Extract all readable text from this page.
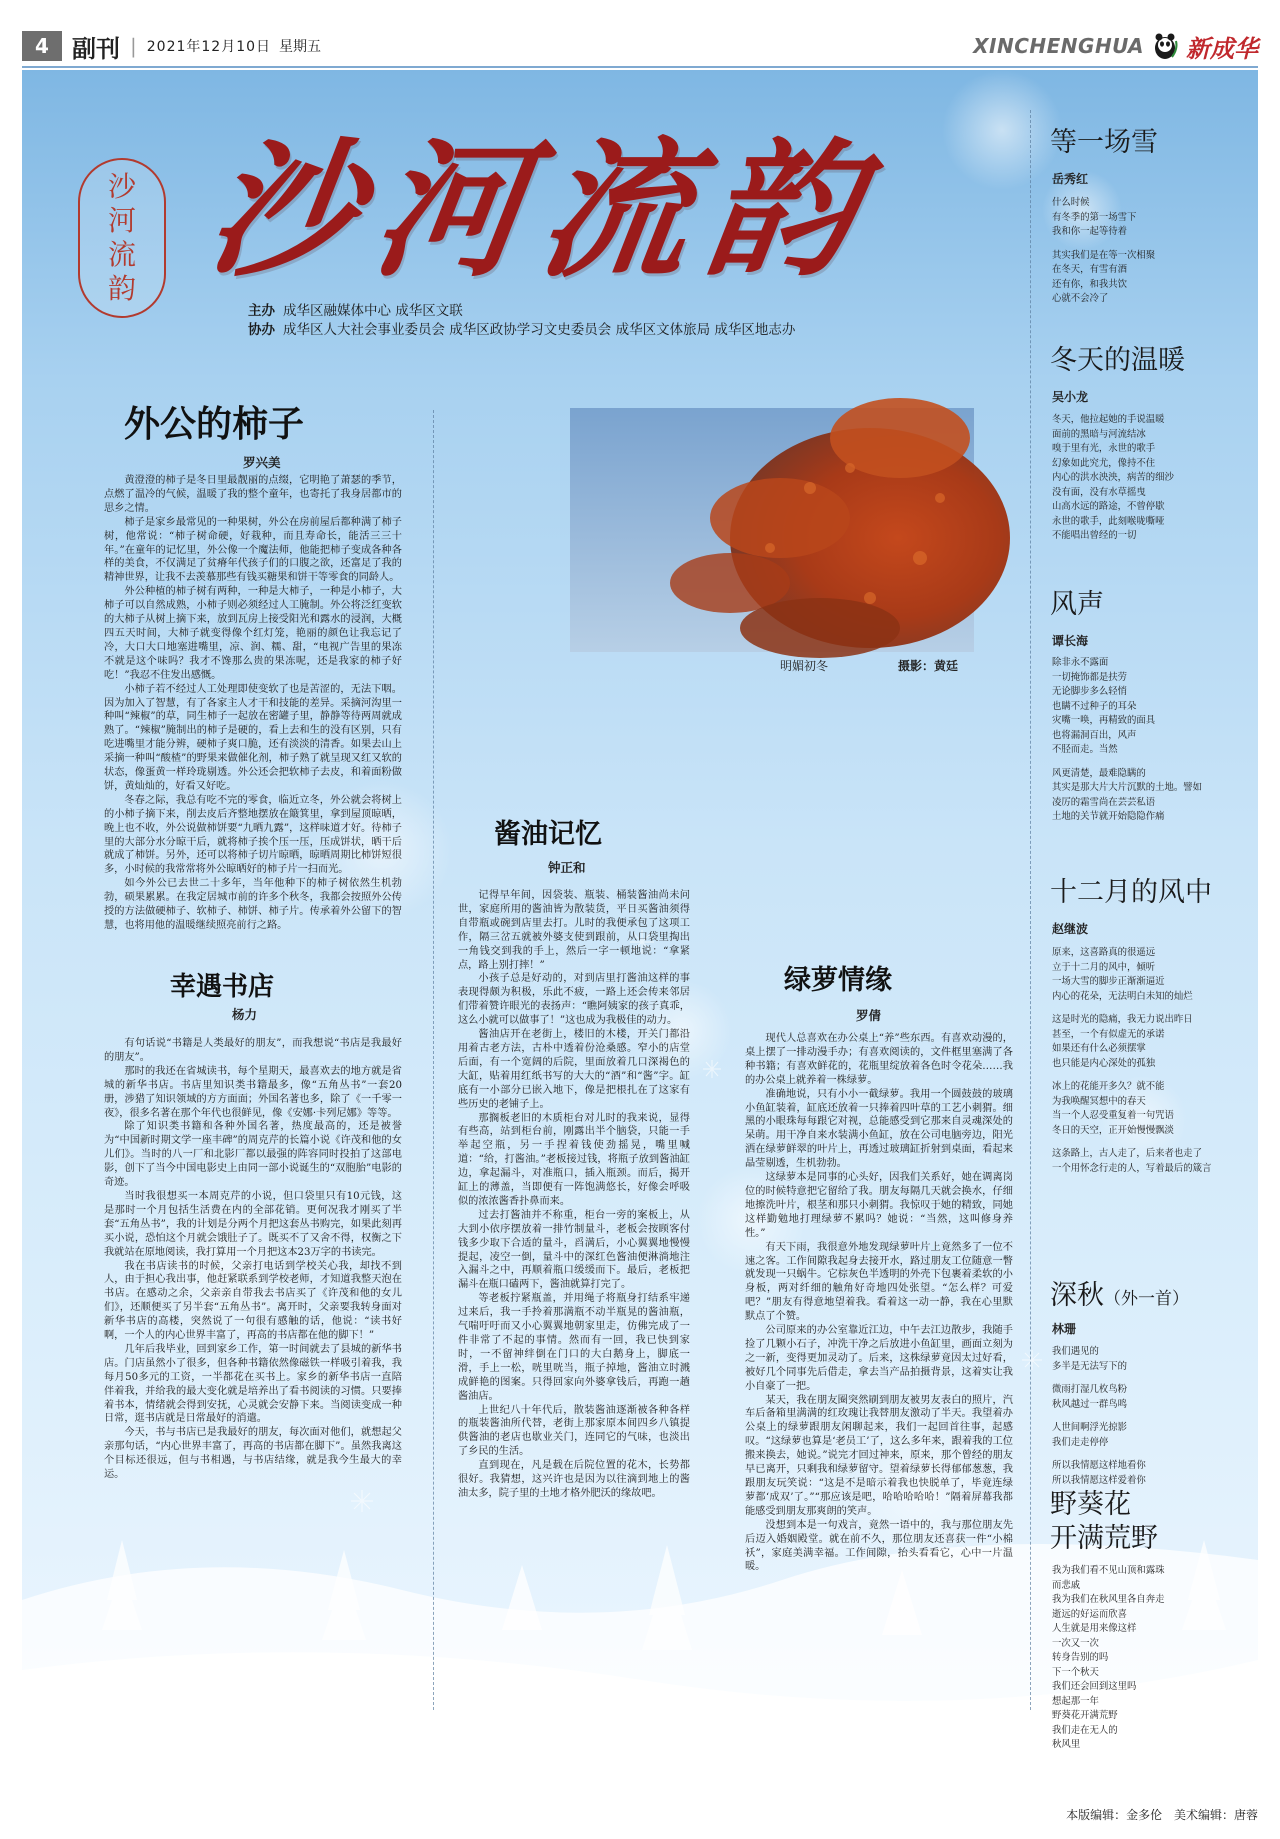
4 副刊 | 2021年12月10日 星期五	XINCHENGHUA 新成华
沙河流韵 沙河流韵
主办 成华区融媒体中心 成华区文联
协办 成华区人大社会事业委员会 成华区政协学习文史委员会 成华区文体旅局 成华区地志办
外公的柿子
罗兴美

黄澄澄的柿子是冬日里最靓丽的点缀，它明艳了萧瑟的季节，点燃了温冷的气候，温暖了我的整个童年，也寄托了我身居都市的思乡之情。

柿子是家乡最常见的一种果树，外公在房前屋后都种满了柿子树，他常说：“柿子树命硬，好栽种，而且寿命长，能活三三十年。”在童年的记忆里，外公像一个魔法师，他能把柿子变成各种各样的美食，不仅满足了贫瘠年代孩子们的口腹之欲，还富足了我的精神世界，让我不去羡慕那些有钱买糖果和饼干等零食的同龄人。

外公种植的柿子树有两种，一种是大柿子，一种是小柿子，大柿子可以自然成熟，小柿子则必须经过人工腌制。外公将泛红变软的大柿子从树上摘下来，放到瓦房上接受阳光和露水的浸润，大概四五天时间，大柿子就变得像个红灯笼，艳丽的颜色让我忘记了冷，大口大口地塞进嘴里，凉、润、糯、甜，“电视广告里的果冻不就是这个味吗？我才不馋那么贵的果冻呢，还是我家的柿子好吃！”我忍不住发出感慨。

小柿子若不经过人工处理即使变软了也是苦涩的，无法下咽。因为加入了智慧，有了各家主人才干和技能的差异。采摘河沟里一种叫“辣椒”的草，同生柿子一起放在密罐子里，静静等待两周就成熟了。“辣椒”腌制出的柿子是硬的，看上去和生的没有区别，只有吃进嘴里才能分辨，硬柿子爽口脆，还有淡淡的清香。如果去山上采摘一种叫“酸楂”的野果来做催化剂，柿子熟了就呈现又红又软的状态，像蛋黄一样玲珑剔透。外公还会把软柿子去皮，和着面粉做饼，黄灿灿的，好看又好吃。

冬春之际，我总有吃不完的零食，临近立冬，外公就会将树上的小柿子摘下来，削去皮后齐整地摆放在簸箕里，拿到屋顶晾晒，晚上也不收，外公说做柿饼要“九晒九露”，这样味道才好。待柿子里的大部分水分晾干后，就将柿子挨个压一压，压成饼状，晒干后就成了柿饼。另外，还可以将柿子切片晾晒，晾晒周期比柿饼短很多，小时候的我常常将外公晾晒好的柿子片一扫而光。

如今外公已去世二十多年，当年他种下的柿子树依然生机勃勃，硕果累累。在我定居城市前的许多个秋冬，我都会按照外公传授的方法做硬柿子、软柿子、柿饼、柿子片。传承着外公留下的智慧，也将用他的温暖继续照亮前行之路。

幸遇书店
杨力

有句话说“书籍是人类最好的朋友”，而我想说“书店是我最好的朋友”。

那时的我还在省城读书，每个星期天，最喜欢去的地方就是省城的新华书店。书店里知识类书籍最多，像“五角丛书”一套20册，涉猎了知识领域的方方面面；外国名著也多，除了《一千零一夜》，很多名著在那个年代也很鲜见，像《安娜·卡列尼娜》等等。

除了知识类书籍和各种外国名著，热度最高的，还是被誉为“中国新时期文学一座丰碑”的周克芹的长篇小说《许茂和他的女儿们》。当时的八一厂和北影厂都以最强的阵容同时投拍了这部电影，创下了当今中国电影史上由同一部小说诞生的“双胞胎”电影的奇迹。

当时我很想买一本周克芹的小说，但口袋里只有10元钱，这是那时一个月包括生活费在内的全部花销。更何况我才刚买了半套“五角丛书”，我的计划是分两个月把这套丛书购完，如果此刻再买小说，恐怕这个月就会饿肚子了。既买不了又舍不得，权衡之下我就站在原地阅读，我打算用一个月把这本23万字的书读完。

我在书店读书的时候，父亲打电话到学校关心我，却找不到人，由于担心我出事，他赶紧联系到学校老师，才知道我整天泡在书店。在感动之余，父亲亲自带我去书店买了《许茂和他的女儿们》，还顺便买了另半套“五角丛书”。离开时，父亲要我转身面对新华书店的高楼，突然说了一句很有感触的话，他说：“读书好啊，一个人的内心世界丰富了，再高的书店都在他的脚下！”

几年后我毕业，回到家乡工作，第一时间就去了县城的新华书店。门店虽然小了很多，但各种书籍依然像磁铁一样吸引着我，我每月50多元的工资，一半都花在买书上。家乡的新华书店一直陪伴着我，并给我的最大变化就是培养出了看书阅读的习惯。只要捧着书本，情绪就会得到安抚，心灵就会安静下来。当阅读变成一种日常，逛书店就是日常最好的消遣。

今天，书与书店已是我最好的朋友，每次面对他们，就想起父亲那句话，“内心世界丰富了，再高的书店都在脚下”。虽然我离这个目标还很远，但与书相遇，与书店结缘，就是我今生最大的幸运。

明媚初冬	摄影：黄廷
酱油记忆
钟正和

记得早年间，因袋装、瓶装、桶装酱油尚未问世，家庭所用的酱油皆为散装货，平日买酱油须得自带瓶或碗到店里去打。儿时的我便承包了这项工作，隔三岔五就被外婆支使到跟前，从口袋里掏出一角钱交到我的手上，然后一字一顿地说：“拿紧点，路上别打摔！”

小孩子总是好动的，对到店里打酱油这样的事表现得颇为积极，乐此不疲，一路上还会传来邻居们带着赞许眼光的表扬声：“瞧阿姨家的孩子真乖，这么小就可以做事了！”这也成为我极佳的动力。

酱油店开在老街上，楼旧的木楼，开关门都沿用着古老方法，古朴中透着份沧桑感。窄小的店堂后面，有一个宽阔的后院，里面放着几口深褐色的大缸，贴着用红纸书写的大大的“酒”和“酱”字。缸底有一小部分已嵌入地下，像是把根扎在了这家有些历史的老铺子上。

那搁板老旧的木质柜台对儿时的我来说，显得有些高，站到柜台前，刚露出半个脑袋，只能一手举起空瓶，另一手捏着钱使劲摇晃，嘴里喊道：“给，打酱油。”老板接过钱，将瓶子放到酱油缸边，拿起漏斗，对准瓶口，插入瓶颈。而后，揭开缸上的薄盖，当即便有一阵饱满悠长，好像会呼吸似的浓浓酱香扑鼻而来。

过去打酱油并不称重，柜台一旁的案板上，从大到小依序摆放着一排竹制量斗，老板会按顾客付钱多少取下合适的量斗，舀满后，小心翼翼地慢慢提起，凌空一倒，量斗中的深红色酱油便淋淌地注入漏斗之中，再顺着瓶口缓缓而下。最后，老板把漏斗在瓶口磕两下，酱油就算打完了。

等老板拧紧瓶盖，并用绳子将瓶身打结系牢递过来后，我一手拎着那满瓶不动半瓶晃的酱油瓶，气喘吁吁而又小心翼翼地朝家里走，仿佛完成了一件非常了不起的事情。然而有一回，我已快到家时，一不留神绊倒在门口的大白鹅身上，脚底一滑，手上一松，咣里咣当，瓶子掉地，酱油立时溅成鲜艳的图案。只得回家向外婆拿钱后，再跑一趟酱油店。

上世纪八十年代后，散装酱油逐渐被各种各样的瓶装酱油所代替，老街上那家原本间四乡八镇提供酱油的老店也歇业关门，连同它的气味，也淡出了乡民的生活。

直到现在，凡是载在后院位置的花木，长势都很好。我猜想，这兴许也是因为以往滴到地上的酱油太多，院子里的土地才格外肥沃的缘故吧。

绿萝情缘
罗倩

现代人总喜欢在办公桌上“养”些东西。有喜欢动漫的，桌上摆了一排动漫手办；有喜欢阅读的，文件框里塞满了各种书籍；有喜欢鲜花的，花瓶里绽放着各色时令花朵……我的办公桌上就养着一株绿萝。

准确地说，只有小小一截绿萝。我用一个圆鼓鼓的玻璃小鱼缸装着，缸底还放着一只捧着四叶草的工艺小刺猬。细黑的小眼珠每每跟它对视，总能感受到它那来自灵魂深处的呆萌。用干净自来水装满小鱼缸，放在公司电脑旁边，阳光洒在绿萝鲜翠的叶片上，再透过玻璃缸折射到桌面，看起来晶莹剔透，生机勃勃。

这绿萝本是同事的心头好，因我们关系好，她在调离岗位的时候特意把它留给了我。朋友每隔几天就会换水，仔细地擦洗叶片，根茎和那只小刺猬。我惊叹于她的精致，同她这样勤勉地打理绿萝不累吗？她说：“当然，这叫修身养性。”

有天下雨，我很意外地发现绿萝叶片上竟然多了一位不速之客。工作间隙我起身去接开水，路过朋友工位随意一瞥就发现一只蜗牛。它棕灰色半透明的外壳下包裹着柔软的小身板，两对纤细的触角好奇地四处张望。“怎么样？可爱吧？”朋友有得意地望着我。看着这一动一静，我在心里默默点了个赞。

公司原来的办公室靠近江边，中午去江边散步，我随手捡了几颗小石子，冲洗干净之后放进小鱼缸里，画面立刻为之一新，变得更加灵动了。后来，这株绿萝竟因太过好看，被好几个同事先后借走，拿去当产品拍摄背景，这着实让我小自豪了一把。

某天，我在朋友圈突然刷到朋友被男友表白的照片，汽车后备箱里满满的红玫瑰让我替朋友激动了半天。我望着办公桌上的绿萝跟朋友闲聊起来，我们一起回首往事，起感叹。“这绿萝也算是‘老员工’了，这么多年来，跟着我的工位搬来换去，她说。”说完才回过神来，原来，那个曾经的朋友早已离开，只剩我和绿萝留守。望着绿萝长得郁郁葱葱，我跟朋友玩笑说：“这是不是暗示着我也快脱单了，毕竟连绿萝都‘成双’了。”“那应该是吧，哈哈哈哈哈！”隔着屏幕我都能感受到朋友那爽朗的笑声。

没想到本是一句戏言，竟然一语中的，我与那位朋友先后迈入婚姻殿堂。就在前不久，那位朋友还喜获一件“小棉袄”，家庭美满幸福。工作间隙，抬头看看它，心中一片温暖。

等一场雪
岳秀红
什么时候
有冬季的第一场雪下
我和你一起等待着
其实我们是在等一次相聚
在冬天，有雪有酒
还有你，和我共饮
心就不会冷了
冬天的温暖
吴小龙
冬天，他拉起她的手说温暖
面前的黑暗与河流结冰
嗅于里有光，永世的歌手
幻象如此究尤，像持不住
内心的洪水泱泱，病苦的细沙
没有面，没有水草摇曳
山高水远的路途，不曾停歇
永世的歌手，此刻喉咙嘶哑
不能唱出曾经的一切
风声
谭长海
除非永不露面
一切掩饰都是扶劳
无论脚步多么轻悄
也瞒不过种子的耳朵
灾嘴一唤，再精致的面具
也将漏洞百出，风声
不胫而走。当然
风更清楚，最难隐瞒的
其实是那大片大片沉默的土地。譬如
凌厉的霜雪尚在芸芸私语
土地的关节就开始隐隐作痛
十二月的风中
赵继波
原来，这喜路真的很遥远
立于十二月的风中，倾听
一场大雪的脚步正渐渐逼近
内心的花朵，无法明白未知的灿烂
这是时光的隐痛，我无力说出昨日
甚至，一个有似虚无的承诺
如果还有什么必须摆掌
也只能是内心深处的孤独
冰上的花能开多久？就不能
为我唤醒冥想中的春天
当一个人忍受重复着一句咒语
冬日的天空，正开始慢慢飘淡
这条路上，古人走了，后来者也走了
一个用怀念行走的人，写着最后的箴言
深秋（外一首）
林珊
我们遇见的
多半是无法写下的
微雨打湿几枚鸟粉
秋风越过一群鸟鸣
人世间啊浮光掠影
我们走走停停
所以我情愿这样地看你
所以我情愿这样爱着你
野葵花
开满荒野
我为我们看不见山顶和露珠
而悲戚
我为我们在秋风里各自奔走
逝远的好运而欣喜
人生就是用来像这样
一次又一次
转身告别的吗
下一个秋天
我们还会回到这里吗
想起那一年
野葵花开满荒野
我们走在无人的
秋风里
本版编辑：金多伦 美术编辑：唐蓉
